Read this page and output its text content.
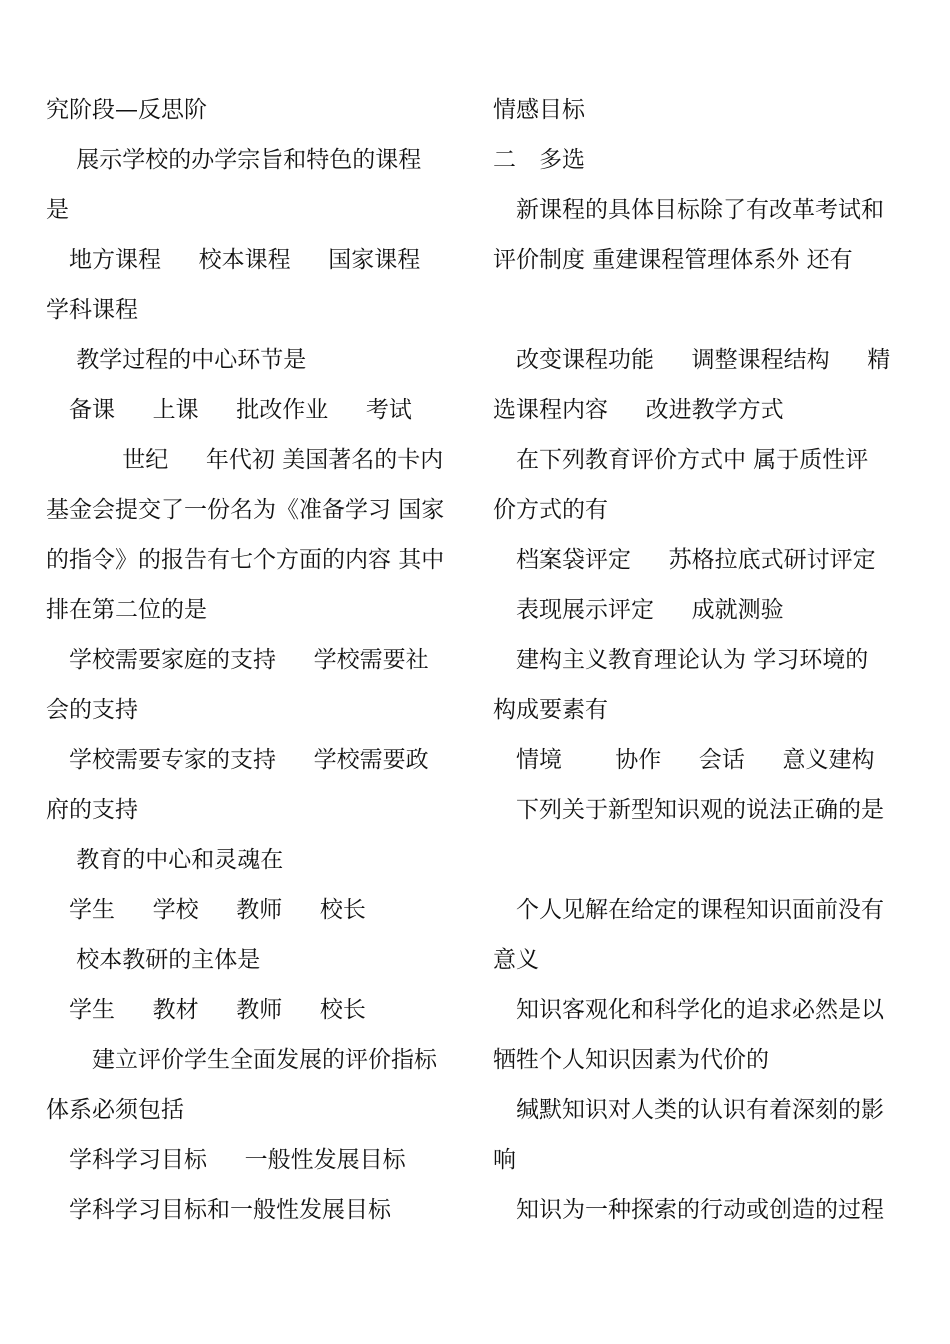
究阶段—反思阶
　 展示学校的办学宗旨和特色的课程
是
　地方课程 　 校本课程 　 国家课程
学科课程
　 教学过程的中心环节是
　备课 　 上课 　 批改作业 　 考试
　　　 世纪 　 年代初 美国著名的卡内
基金会提交了一份名为《准备学习 国家
的指令》的报告有七个方面的内容 其中
排在第二位的是
　学校需要家庭的支持 　 学校需要社
会的支持
　学校需要专家的支持 　 学校需要政
府的支持
　 教育的中心和灵魂在
　学生 　 学校 　 教师 　 校长
　 校本教研的主体是
　学生 　 教材 　 教师 　 校长
　　建立评价学生全面发展的评价指标
体系必须包括
　学科学习目标 　 一般性发展目标
　学科学习目标和一般性发展目标
情感目标
二　多选
　新课程的具体目标除了有改革考试和
评价制度 重建课程管理体系外 还有
　改变课程功能 　 调整课程结构 　 精
选课程内容 　 改进教学方式
　在下列教育评价方式中 属于质性评
价方式的有
　档案袋评定 　 苏格拉底式研讨评定
　表现展示评定 　 成就测验
　建构主义教育理论认为 学习环境的
构成要素有
　情境 　　协作 　 会话 　 意义建构
　下列关于新型知识观的说法正确的是
　个人见解在给定的课程知识面前没有
意义
　知识客观化和科学化的追求必然是以
牺牲个人知识因素为代价的
　缄默知识对人类的认识有着深刻的影
响
　知识为一种探索的行动或创造的过程
